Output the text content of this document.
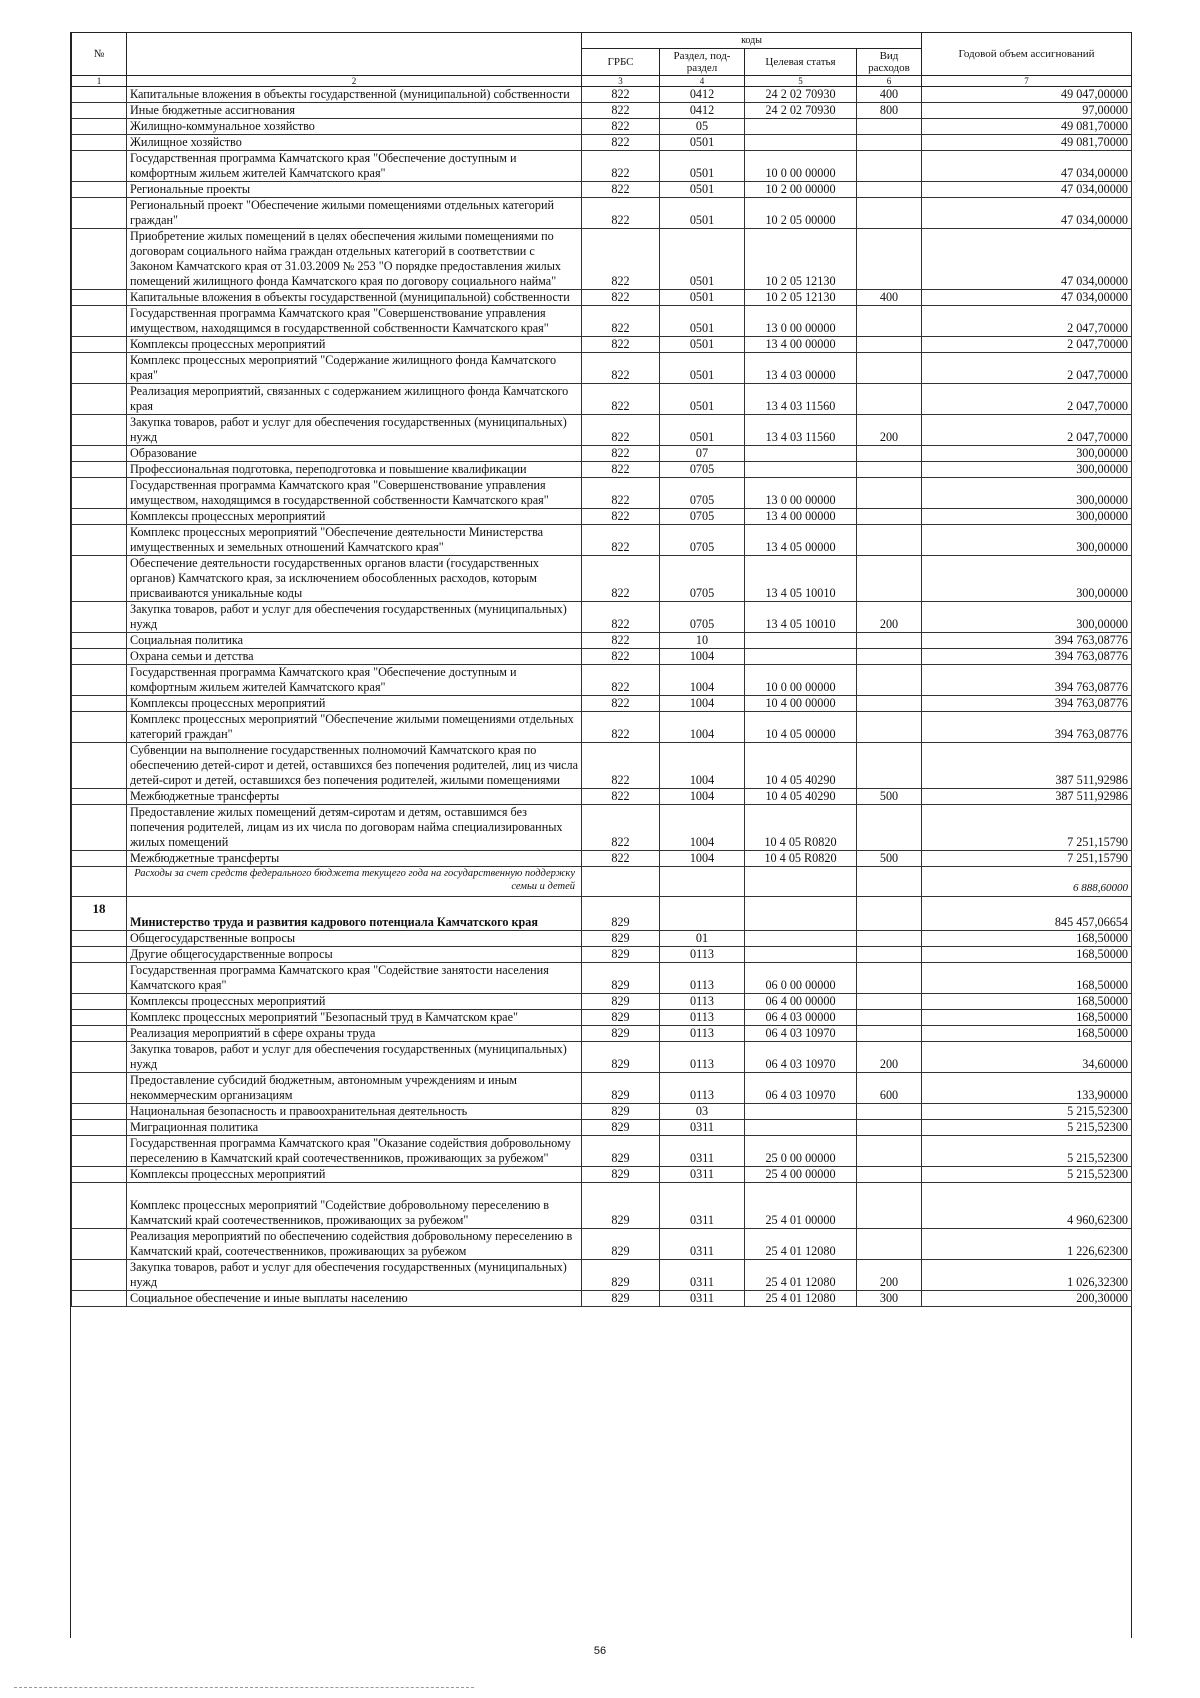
№		коды				Годовой объем ассигнований
		ГРБС	Раздел, под-раздел	Целевая статья	Вид расходов	
1	2	3	4	5	6	7
	Капитальные вложения в объекты государственной (муниципальной) собственности	822	0412	24 2 02 70930	400	49 047,00000
	Иные бюджетные ассигнования	822	0412	24 2 02 70930	800	97,00000
	Жилищно-коммунальное хозяйство	822	05			49 081,70000
	Жилищное хозяйство	822	0501			49 081,70000
	Государственная программа Камчатского края "Обеспечение доступным и комфортным жильем жителей Камчатского края"	822	0501	10 0 00 00000		47 034,00000
	Региональные проекты	822	0501	10 2 00 00000		47 034,00000
	Региональный проект "Обеспечение жилыми помещениями отдельных категорий граждан"	822	0501	10 2 05 00000		47 034,00000
	Приобретение жилых помещений в целях обеспечения жилыми помещениями по договорам социального найма граждан отдельных категорий в соответствии с Законом Камчатского края от 31.03.2009 № 253 "О порядке предоставления жилых помещений жилищного фонда Камчатского края по договору социального найма"	822	0501	10 2 05 12130		47 034,00000
	Капитальные вложения в объекты государственной (муниципальной) собственности	822	0501	10 2 05 12130	400	47 034,00000
	Государственная программа Камчатского края "Совершенствование управления имуществом, находящимся в государственной собственности Камчатского края"	822	0501	13 0 00 00000		2 047,70000
	Комплексы процессных мероприятий	822	0501	13 4 00 00000		2 047,70000
	Комплекс процессных мероприятий "Содержание жилищного фонда Камчатского края"	822	0501	13 4 03 00000		2 047,70000
	Реализация мероприятий, связанных с содержанием жилищного фонда Камчатского края	822	0501	13 4 03 11560		2 047,70000
	Закупка товаров, работ и услуг для обеспечения государственных (муниципальных) нужд	822	0501	13 4 03 11560	200	2 047,70000
	Образование	822	07			300,00000
	Профессиональная подготовка, переподготовка и повышение квалификации	822	0705			300,00000
	Государственная программа Камчатского края "Совершенствование управления имуществом, находящимся в государственной собственности Камчатского края"	822	0705	13 0 00 00000		300,00000
	Комплексы процессных мероприятий	822	0705	13 4 00 00000		300,00000
	Комплекс процессных мероприятий "Обеспечение деятельности Министерства имущественных и земельных отношений Камчатского края"	822	0705	13 4 05 00000		300,00000
	Обеспечение деятельности государственных органов власти (государственных органов) Камчатского края, за исключением обособленных расходов, которым присваиваются уникальные коды	822	0705	13 4 05 10010		300,00000
	Закупка товаров, работ и услуг для обеспечения государственных (муниципальных) нужд	822	0705	13 4 05 10010	200	300,00000
	Социальная политика	822	10			394 763,08776
	Охрана семьи и детства	822	1004			394 763,08776
	Государственная программа Камчатского края "Обеспечение доступным и комфортным жильем жителей Камчатского края"	822	1004	10 0 00 00000		394 763,08776
	Комплексы процессных мероприятий	822	1004	10 4 00 00000		394 763,08776
	Комплекс процессных мероприятий "Обеспечение жилыми помещениями отдельных категорий граждан"	822	1004	10 4 05 00000		394 763,08776
	Субвенции на выполнение государственных полномочий Камчатского края по обеспечению детей-сирот и детей, оставшихся без попечения родителей, лиц из числа детей-сирот и детей, оставшихся без попечения родителей, жилыми помещениями	822	1004	10 4 05 40290		387 511,92986
	Межбюджетные трансферты	822	1004	10 4 05 40290	500	387 511,92986
	Предоставление жилых помещений детям-сиротам и детям, оставшимся без попечения родителей, лицам из их числа по договорам найма специализированных жилых помещений	822	1004	10 4 05 R0820		7 251,15790
	Межбюджетные трансферты	822	1004	10 4 05 R0820	500	7 251,15790
	Расходы за счет средств федерального бюджета текущего года на государственную поддержку семьи и детей					6 888,60000
18	Министерство труда и развития кадрового потенциала Камчатского края	829				845 457,06654
	Общегосударственные вопросы	829	01			168,50000
	Другие общегосударственные вопросы	829	0113			168,50000
	Государственная программа Камчатского края "Содействие занятости населения Камчатского края"	829	0113	06 0 00 00000		168,50000
	Комплексы процессных мероприятий	829	0113	06 4 00 00000		168,50000
	Комплекс процессных мероприятий "Безопасный труд в Камчатском крае"	829	0113	06 4 03 00000		168,50000
	Реализация мероприятий в сфере охраны труда	829	0113	06 4 03 10970		168,50000
	Закупка товаров, работ и услуг для обеспечения государственных (муниципальных) нужд	829	0113	06 4 03 10970	200	34,60000
	Предоставление субсидий бюджетным, автономным учреждениям и иным некоммерческим организациям	829	0113	06 4 03 10970	600	133,90000
	Национальная безопасность и правоохранительная деятельность	829	03			5 215,52300
	Миграционная политика	829	0311			5 215,52300
	Государственная программа Камчатского края "Оказание содействия добровольному переселению в Камчатский край соотечественников, проживающих за рубежом"	829	0311	25 0 00 00000		5 215,52300
	Комплексы процессных мероприятий	829	0311	25 4 00 00000		5 215,52300
	Комплекс процессных мероприятий "Содействие добровольному переселению в Камчатский край соотечественников, проживающих за рубежом"	829	0311	25 4 01 00000		4 960,62300
	Реализация мероприятий по обеспечению содействия добровольному переселению в Камчатский край, соотечественников, проживающих за рубежом	829	0311	25 4 01 12080		1 226,62300
	Закупка товаров, работ и услуг для обеспечения государственных (муниципальных) нужд	829	0311	25 4 01 12080	200	1 026,32300
	Социальное обеспечение и иные выплаты населению	829	0311	25 4 01 12080	300	200,30000
56
